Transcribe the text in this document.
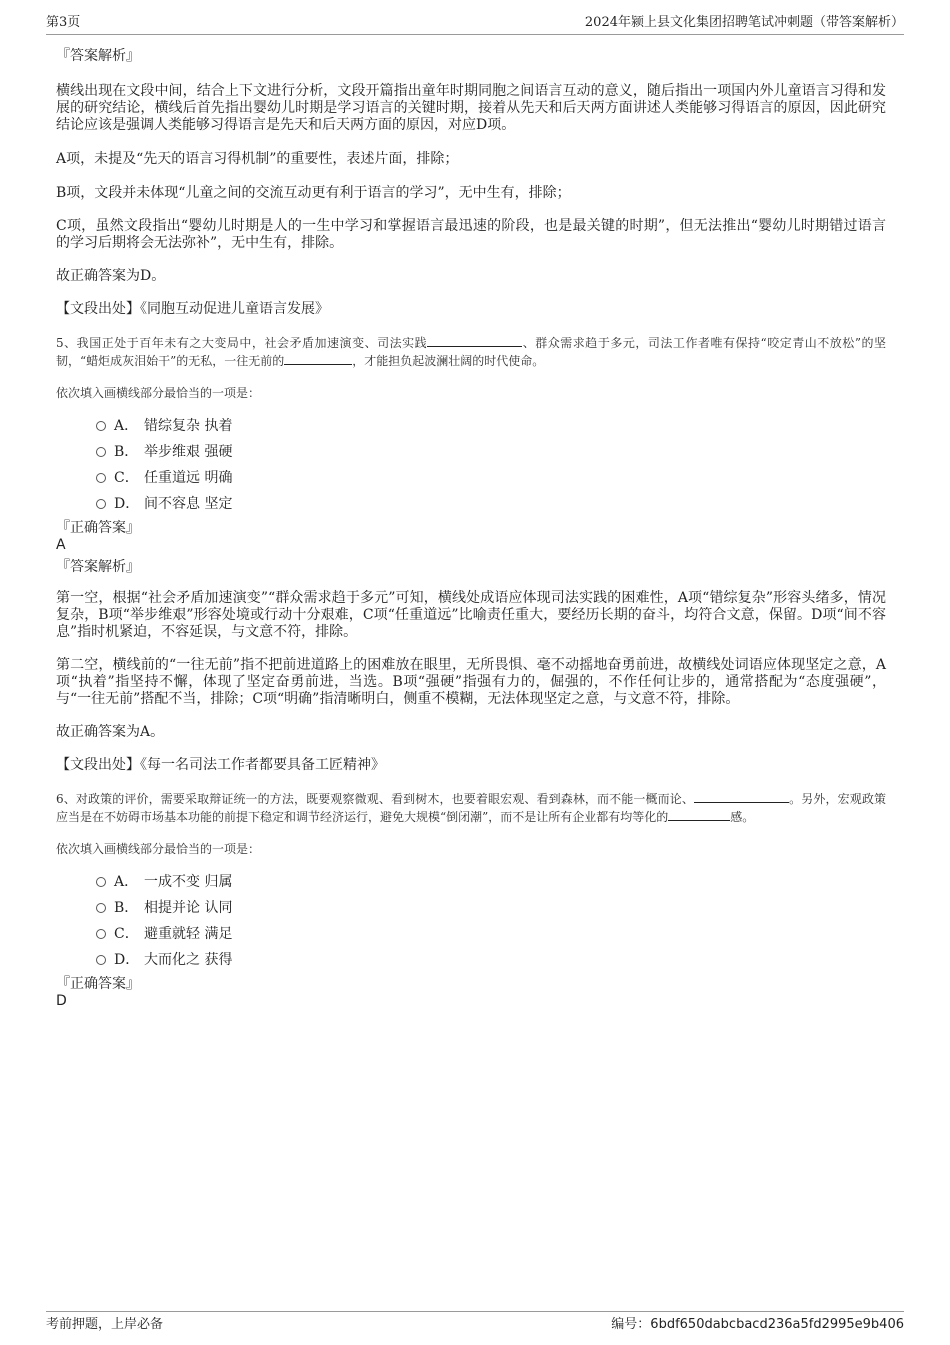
第3页	2024年颍上县文化集团招聘笔试冲刺题（带答案解析）

『答案解析』

横线出现在文段中间，结合上下文进行分析，文段开篇指出童年时期同胞之间语言互动的意义，随后指出一项国内外儿童语言习得和发展的研究结论，横线后首先指出婴幼儿时期是学习语言的关键时期，接着从先天和后天两方面讲述人类能够习得语言的原因，因此研究结论应该是强调人类能够习得语言是先天和后天两方面的原因，对应D项。

A项，未提及“先天的语言习得机制”的重要性，表述片面，排除；

B项，文段并未体现“儿童之间的交流互动更有利于语言的学习”，无中生有，排除；

C项，虽然文段指出“婴幼儿时期是人的一生中学习和掌握语言最迅速的阶段，也是最关键的时期”，但无法推出“婴幼儿时期错过语言的学习后期将会无法弥补”，无中生有，排除。

故正确答案为D。

【文段出处】《同胞互动促进儿童语言发展》

5、我国正处于百年未有之大变局中，社会矛盾加速演变、司法实践	、群众需求趋于多元，司法工作者唯有保持“咬定青山不放松”的坚韧，“蜡炬成灰泪始干”的无私，一往无前的	，才能担负起波澜壮阔的时代使命。

依次填入画横线部分最恰当的一项是：

A． 错综复杂 执着
B． 举步维艰 强硬
C． 任重道远 明确
D． 间不容息 坚定

『正确答案』

A

『答案解析』

第一空，根据“社会矛盾加速演变”“群众需求趋于多元”可知，横线处成语应体现司法实践的困难性，A项“错综复杂”形容头绪多，情况复杂，B项“举步维艰”形容处境或行动十分艰难，C项“任重道远”比喻责任重大，要经历长期的奋斗，均符合文意，保留。D项“间不容息”指时机紧迫，不容延误，与文意不符，排除。

第二空，横线前的“一往无前”指不把前进道路上的困难放在眼里，无所畏惧、毫不动摇地奋勇前进，故横线处词语应体现坚定之意，A项“执着”指坚持不懈，体现了坚定奋勇前进，当选。B项“强硬”指强有力的，倔强的，不作任何让步的，通常搭配为“态度强硬”，与“一往无前”搭配不当，排除；C项“明确”指清晰明白，侧重不模糊，无法体现坚定之意，与文意不符，排除。

故正确答案为A。

【文段出处】《每一名司法工作者都要具备工匠精神》

6、对政策的评价，需要采取辩证统一的方法，既要观察微观、看到树木，也要着眼宏观、看到森林，而不能一概而论、	。另外，宏观政策应当是在不妨碍市场基本功能的前提下稳定和调节经济运行，避免大规模“倒闭潮”，而不是让所有企业都有均等化的	感。

依次填入画横线部分最恰当的一项是：

A． 一成不变 归属
B． 相提并论 认同
C． 避重就轻 满足
D． 大而化之 获得

『正确答案』

D

考前押题，上岸必备	编号：6bdf650dabcbacd236a5fd2995e9b406
